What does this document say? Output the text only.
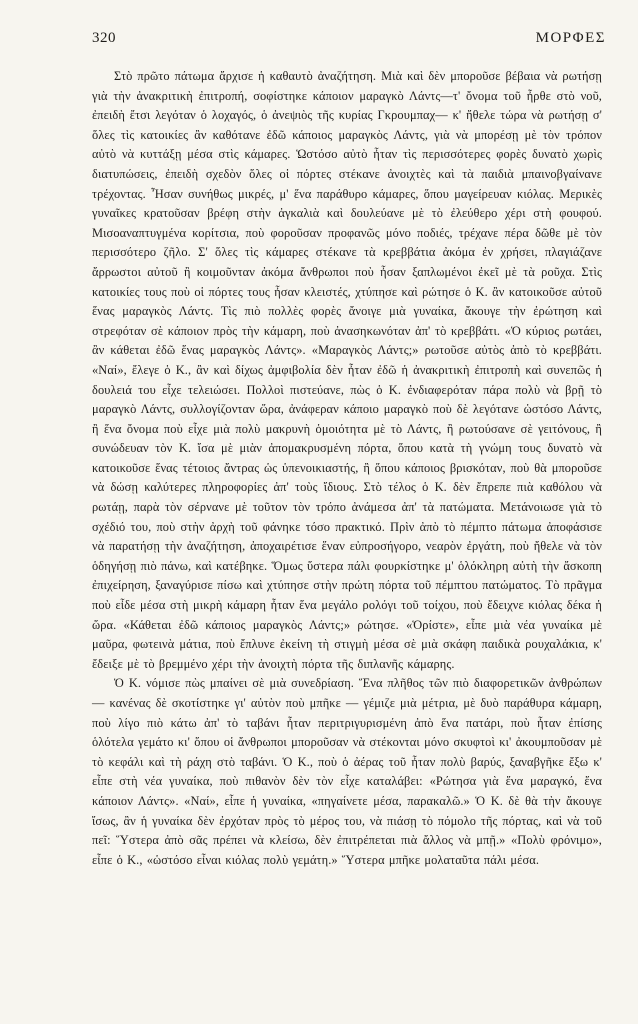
320	ΜΟΡΦΕΣ

Στὸ πρῶτο πάτωμα ἄρχισε ἡ καθαυτὸ ἀναζήτηση. Μιὰ καὶ δὲν μποροῦσε βέβαια νὰ ρωτήσῃ γιὰ τὴν ἀνακριτικὴ ἐπιτροπή, σοφίστηκε κάποιον μαραγκὸ Λάντς—τ' ὄνομα τοῦ ἦρθε στὸ νοῦ, ἐπειδὴ ἔτσι λεγόταν ὁ λοχαγός, ὁ ἀνεψιὸς τῆς κυρίας Γκρουμπαχ— κ' ἤθελε τώρα νὰ ρωτήσῃ σ' ὅλες τὶς κατοικίες ἂν καθότανε ἐδῶ κάποιος μαραγκὸς Λάντς, γιὰ νὰ μπορέσῃ μὲ τὸν τρόπον αὐτὸ νὰ κυττάξῃ μέσα στὶς κάμαρες. Ὡστόσο αὐτὸ ἦταν τὶς περισσότερες φορὲς δυνατὸ χωρὶς διατυπώσεις, ἐπειδὴ σχεδὸν ὅλες οἱ πόρτες στέκανε ἀνοιχτὲς καὶ τὰ παιδιὰ μπαινοβγαίνανε τρέχοντας. Ἦσαν συνήθως μικρές, μ' ἕνα παράθυρο κάμαρες, ὅπου μαγείρευαν κιόλας. Μερικὲς γυναῖκες κρατοῦσαν βρέφη στὴν ἀγκαλιὰ καὶ δουλεύανε μὲ τὸ ἐλεύθερο χέρι στὴ φουφού. Μισοαναπτυγμένα κορίτσια, ποὺ φοροῦσαν προφανῶς μόνο ποδιές, τρέχανε πέρα δῶθε μὲ τὸν περισσότερο ζῆλο. Σ' ὅλες τὶς κάμαρες στέκανε τὰ κρεββάτια ἀκόμα ἐν χρήσει, πλαγιάζανε ἄρρωστοι αὐτοῦ ἢ κοιμοῦνταν ἀκόμα ἄνθρωποι ποὺ ἦσαν ξαπλωμένοι ἐκεῖ μὲ τὰ ροῦχα. Στὶς κατοικίες τους ποὺ οἱ πόρτες τους ἦσαν κλειστές, χτύπησε καὶ ρώτησε ὁ Κ. ἂν κατοικοῦσε αὐτοῦ ἕνας μαραγκὸς Λάντς. Τὶς πιὸ πολλὲς φορὲς ἄνοιγε μιὰ γυναίκα, ἄκουγε τὴν ἐρώτηση καὶ στρεφόταν σὲ κάποιον πρὸς τὴν κάμαρη, ποὺ ἀνασηκωνόταν ἀπ' τὸ κρεββάτι. «Ὁ κύριος ρωτάει, ἂν κάθεται ἐδῶ ἕνας μαραγκὸς Λάντς». «Μαραγκὸς Λάντς;» ρωτοῦσε αὐτὸς ἀπὸ τὸ κρεββάτι. «Ναί», ἔλεγε ὁ Κ., ἂν καὶ δίχως ἀμφιβολία δὲν ἦταν ἐδῶ ἡ ἀνακριτικὴ ἐπιτροπὴ καὶ συνεπῶς ἡ δουλειά του εἶχε τελειώσει. Πολλοὶ πιστεύανε, πὼς ὁ Κ. ἐνδιαφερόταν πάρα πολὺ νὰ βρῇ τὸ μαραγκὸ Λάντς, συλλογίζονταν ὥρα, ἀνάφεραν κάποιο μαραγκὸ ποὺ δὲ λεγότανε ὡστόσο Λάντς, ἢ ἕνα ὄνομα ποὺ εἶχε μιὰ πολὺ μακρυνὴ ὁμοιότητα μὲ τὸ Λάντς, ἢ ρωτούσανε σὲ γειτόνους, ἢ συνώδευαν τὸν Κ. ἴσα μὲ μιὰν ἀπομακρυσμένη πόρτα, ὅπου κατὰ τὴ γνώμη τους δυνατὸ νὰ κατοικοῦσε ἕνας τέτοιος ἄντρας ὡς ὑπενοικιαστής, ἢ ὅπου κάποιος βρισκόταν, ποὺ θὰ μποροῦσε νὰ δώσῃ καλύτερες πληροφορίες ἀπ' τοὺς ἴδιους. Στὸ τέλος ὁ Κ. δὲν ἔπρεπε πιὰ καθόλου νὰ ρωτάῃ, παρὰ τὸν σέρνανε μὲ τοῦτον τὸν τρόπο ἀνάμεσα ἀπ' τὰ πατώματα. Μετάνοιωσε γιὰ τὸ σχέδιό του, ποὺ στὴν ἀρχὴ τοῦ φάνηκε τόσο πρακτικό. Πρὶν ἀπὸ τὸ πέμπτο πάτωμα ἀποφάσισε νὰ παρατήσῃ τὴν ἀναζήτηση, ἀποχαιρέτισε ἕναν εὐπροσήγορο, νεαρὸν ἐργάτη, ποὺ ἤθελε νὰ τὸν ὁδηγήσῃ πιὸ πάνω, καὶ κατέβηκε. Ὅμως ὕστερα πάλι φουρκίστηκε μ' ὁλόκληρη αὐτὴ τὴν ἄσκοπη ἐπιχείρηση, ξαναγύρισε πίσω καὶ χτύπησε στὴν πρώτη πόρτα τοῦ πέμπτου πατώματος. Τὸ πρᾶγμα ποὺ εἶδε μέσα στὴ μικρὴ κάμαρη ἦταν ἕνα μεγάλο ρολόγι τοῦ τοίχου, ποὺ ἔδειχνε κιόλας δέκα ἡ ὥρα. «Κάθεται ἐδῶ κάποιος μαραγκὸς Λάντς;» ρώτησε. «Ὁρίστε», εἶπε μιὰ νέα γυναίκα μὲ μαῦρα, φωτεινὰ μάτια, ποὺ ἔπλυνε ἐκείνη τὴ στιγμὴ μέσα σὲ μιὰ σκάφη παιδικὰ ρουχαλάκια, κ' ἔδειξε μὲ τὸ βρεμμένο χέρι τὴν ἀνοιχτὴ πόρτα τῆς διπλανῆς κάμαρης.

Ὁ Κ. νόμισε πὼς μπαίνει σὲ μιὰ συνεδρίαση. Ἕνα πλῆθος τῶν πιὸ διαφορετικῶν ἀνθρώπων — κανένας δὲ σκοτίστηκε γι' αὐτὸν ποὺ μπῆκε — γέμιζε μιὰ μέτρια, μὲ δυὸ παράθυρα κάμαρη, ποὺ λίγο πιὸ κάτω ἀπ' τὸ ταβάνι ἦταν περιτριγυρισμένη ἀπὸ ἕνα πατάρι, ποὺ ἦταν ἐπίσης ὁλότελα γεμάτο κι' ὅπου οἱ ἄνθρωποι μποροῦσαν νὰ στέκονται μόνο σκυφτοὶ κι' ἀκουμποῦσαν μὲ τὸ κεφάλι καὶ τὴ ράχη στὸ ταβάνι. Ὁ Κ., ποὺ ὁ ἀέρας τοῦ ἦταν πολὺ βαρύς, ξαναβγῆκε ἔξω κ' εἶπε στὴ νέα γυναίκα, ποὺ πιθανὸν δὲν τὸν εἶχε καταλάβει: «Ρώτησα γιὰ ἕνα μαραγκό, ἕνα κάποιον Λάντς». «Ναί», εἶπε ἡ γυναίκα, «πηγαίνετε μέσα, παρακαλῶ.» Ὁ Κ. δὲ θὰ τὴν ἄκουγε ἴσως, ἂν ἡ γυναίκα δὲν ἐρχόταν πρὸς τὸ μέρος του, νὰ πιάσῃ τὸ πόμολο τῆς πόρτας, καὶ νὰ τοῦ πεῖ: Ὕστερα ἀπὸ σᾶς πρέπει νὰ κλείσω, δὲν ἐπιτρέπεται πιὰ ἄλλος νὰ μπῇ.» «Πολὺ φρόνιμο», εἶπε ὁ Κ., «ὡστόσο εἶναι κιόλας πολὺ γεμάτη.» Ὕστερα μπῆκε μολαταῦτα πάλι μέσα.
